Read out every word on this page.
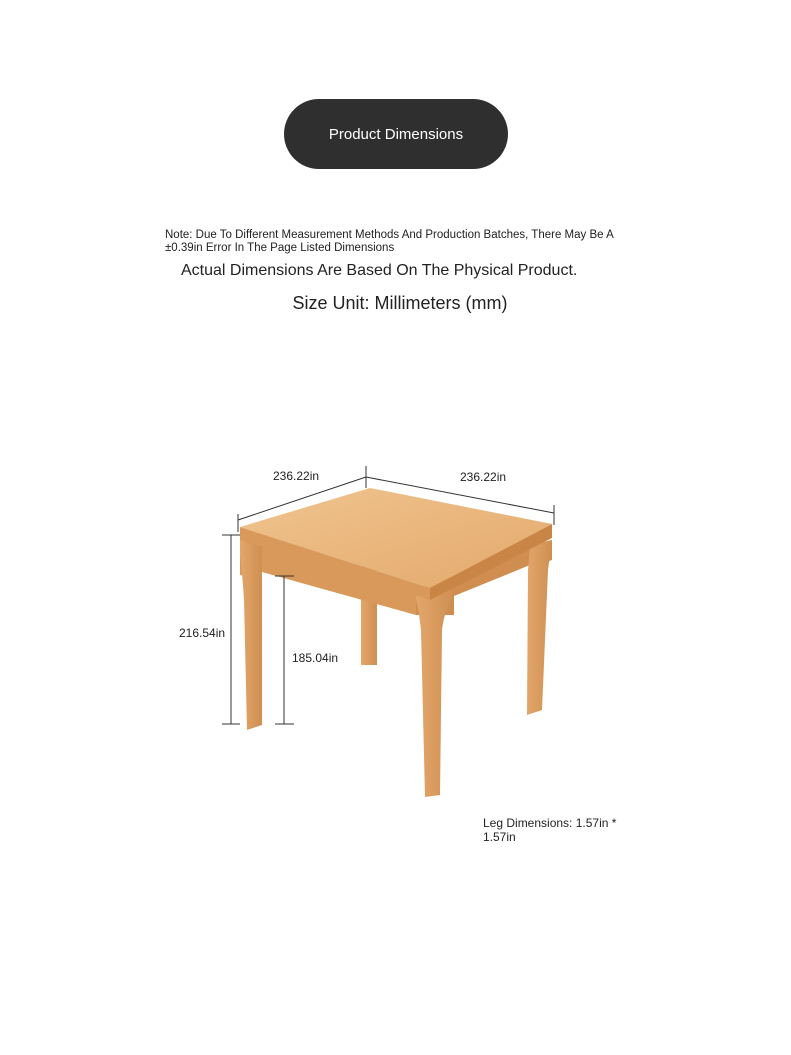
Product Dimensions
Note: Due To Different Measurement Methods And Production Batches, There May Be A ±0.39in Error In The Page Listed Dimensions
Actual Dimensions Are Based On The Physical Product.
Size Unit: Millimeters (mm)
236.22in	236.22in
216.54in
185.04in
Leg Dimensions: 1.57in * 1.57in
